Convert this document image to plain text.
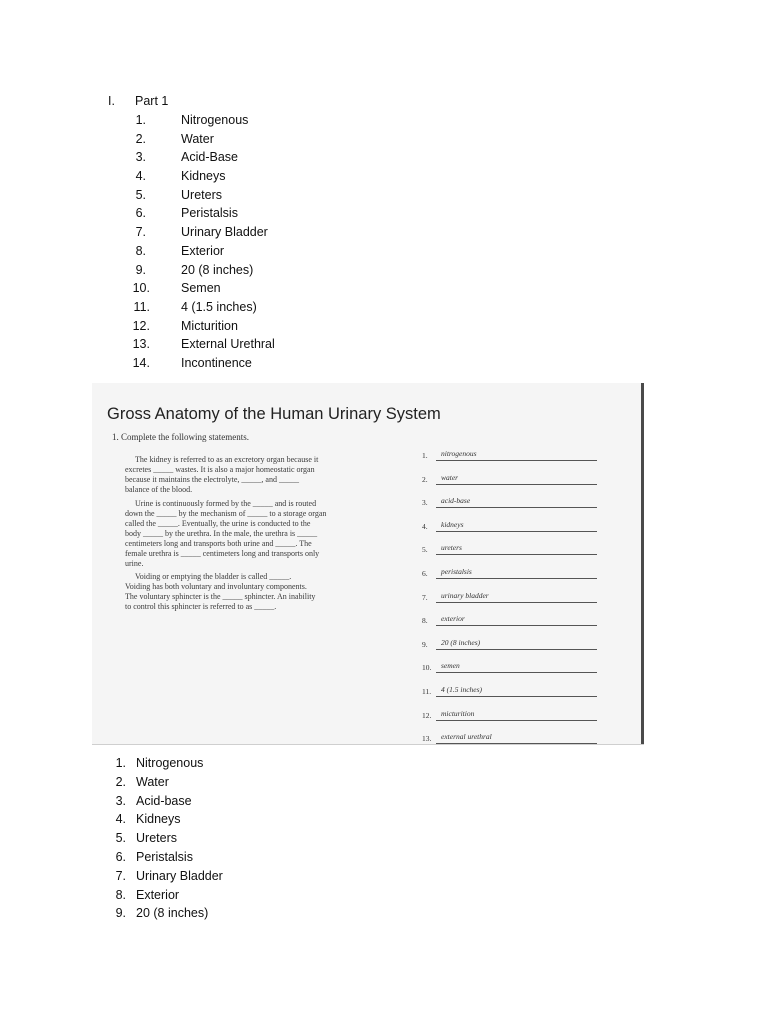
I.	Part 1
1.	Nitrogenous
2.	Water
3.	Acid-Base
4.	Kidneys
5.	Ureters
6.	Peristalsis
7.	Urinary Bladder
8.	Exterior
9.	20 (8 inches)
10.	Semen
11.	4 (1.5 inches)
12.	Micturition
13.	External Urethral
14.	Incontinence
Gross Anatomy of the Human Urinary System
1. Complete the following statements.

The kidney is referred to as an excretory organ because it

excretes _____ wastes. It is also a major homeostatic organ

because it maintains the electrolyte, _____, and _____

balance of the blood.

Urine is continuously formed by the _____ and is routed

down the _____ by the mechanism of _____ to a storage organ

called the _____. Eventually, the urine is conducted to the

body _____ by the urethra. In the male, the urethra is _____

centimeters long and transports both urine and _____. The

female urethra is _____ centimeters long and transports only

urine.

Voiding or emptying the bladder is called _____.

Voiding has both voluntary and involuntary components.

The voluntary sphincter is the _____ sphincter. An inability

to control this sphincter is referred to as _____.

1. nitrogenous
2. water
3. acid-base
4. kidneys
5. ureters
6. peristalsis
7. urinary bladder
8. exterior
9. 20 (8 inches)
10. semen
11. 4 (1.5 inches)
12. micturition
13. external urethral
1. Nitrogenous
2. Water
3. Acid-base
4. Kidneys
5. Ureters
6. Peristalsis
7. Urinary Bladder
8. Exterior
9. 20 (8 inches)
